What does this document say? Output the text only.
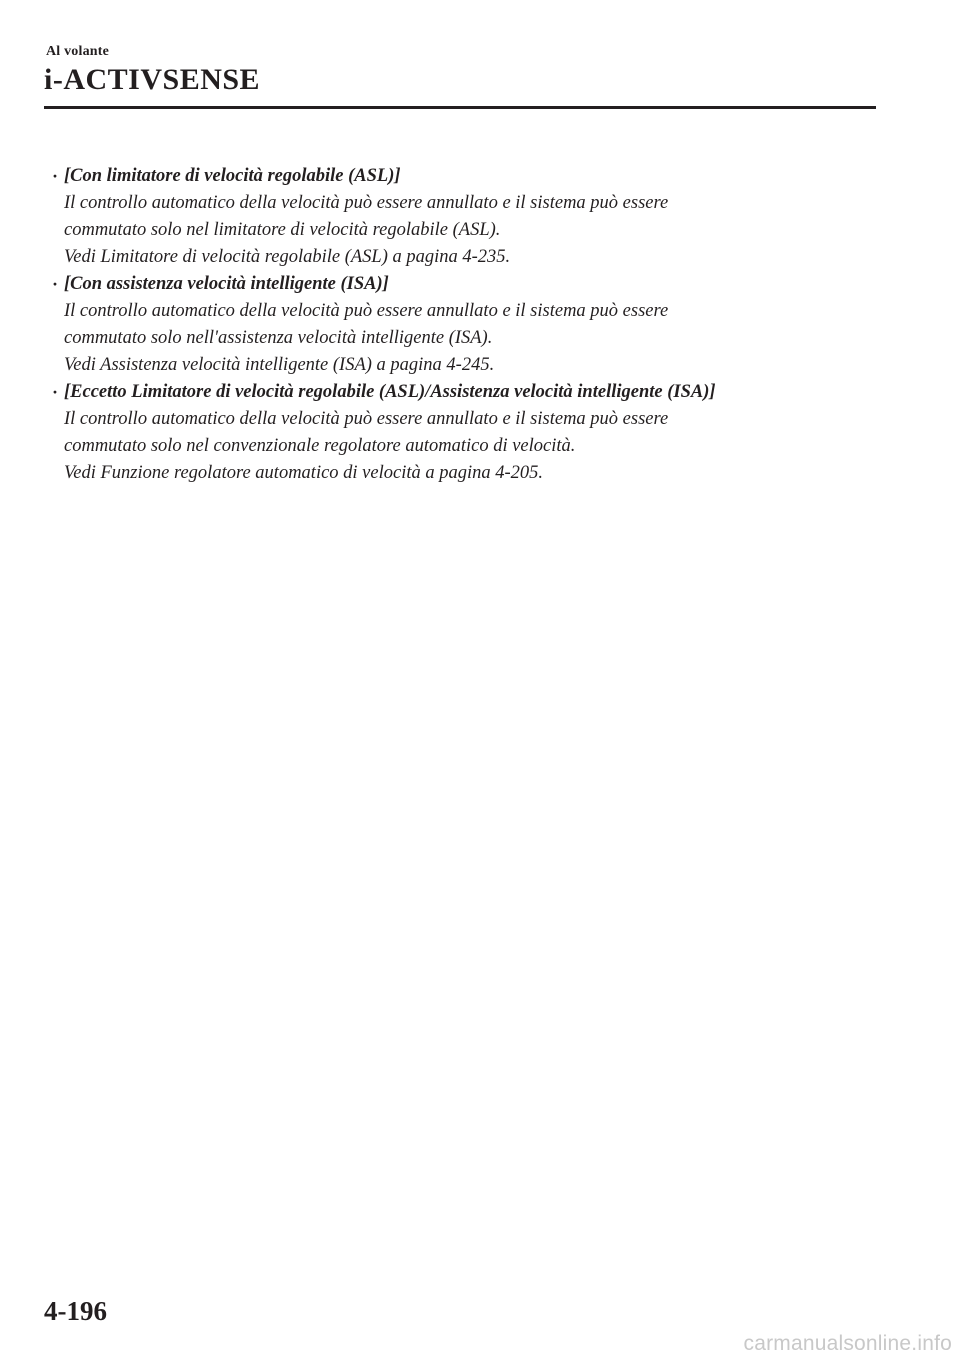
Al volante
i-ACTIVSENSE
· [Con limitatore di velocità regolabile (ASL)]
Il controllo automatico della velocità può essere annullato e il sistema può essere
commutato solo nel limitatore di velocità regolabile (ASL).
Vedi Limitatore di velocità regolabile (ASL) a pagina 4-235.
· [Con assistenza velocità intelligente (ISA)]
Il controllo automatico della velocità può essere annullato e il sistema può essere
commutato solo nell'assistenza velocità intelligente (ISA).
Vedi Assistenza velocità intelligente (ISA) a pagina 4-245.
· [Eccetto Limitatore di velocità regolabile (ASL)/Assistenza velocità intelligente (ISA)]
Il controllo automatico della velocità può essere annullato e il sistema può essere
commutato solo nel convenzionale regolatore automatico di velocità.
Vedi Funzione regolatore automatico di velocità a pagina 4-205.
4-196
carmanualsonline.info
